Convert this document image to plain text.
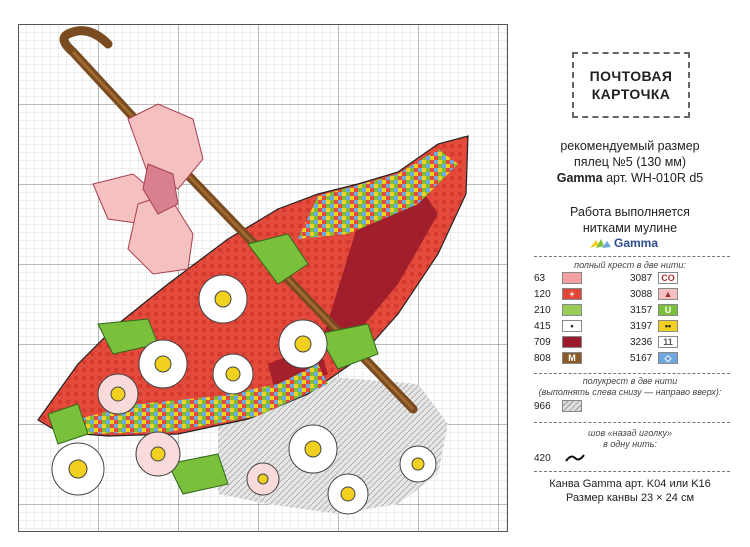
ПОЧТОВАЯ
КАРТОЧКА
рекомендуемый размер
пялец №5 (130 мм)
Gamma арт. WH-010R d5
Работа выполняется
нитками мулине
Gamma
полный крест в две нити:
63
120 +
210
415 •
709
808 M
3087 CO
3088 ▲
3157 U
3197 ••
3236 11
5167 ◇
полукрест в две нити
(выполнять слева снизу — направо вверх):
966
шов «назад иголку»
в одну нить:
420
Канва Gamma арт. K04 или K16
Размер канвы 23 × 24 см
